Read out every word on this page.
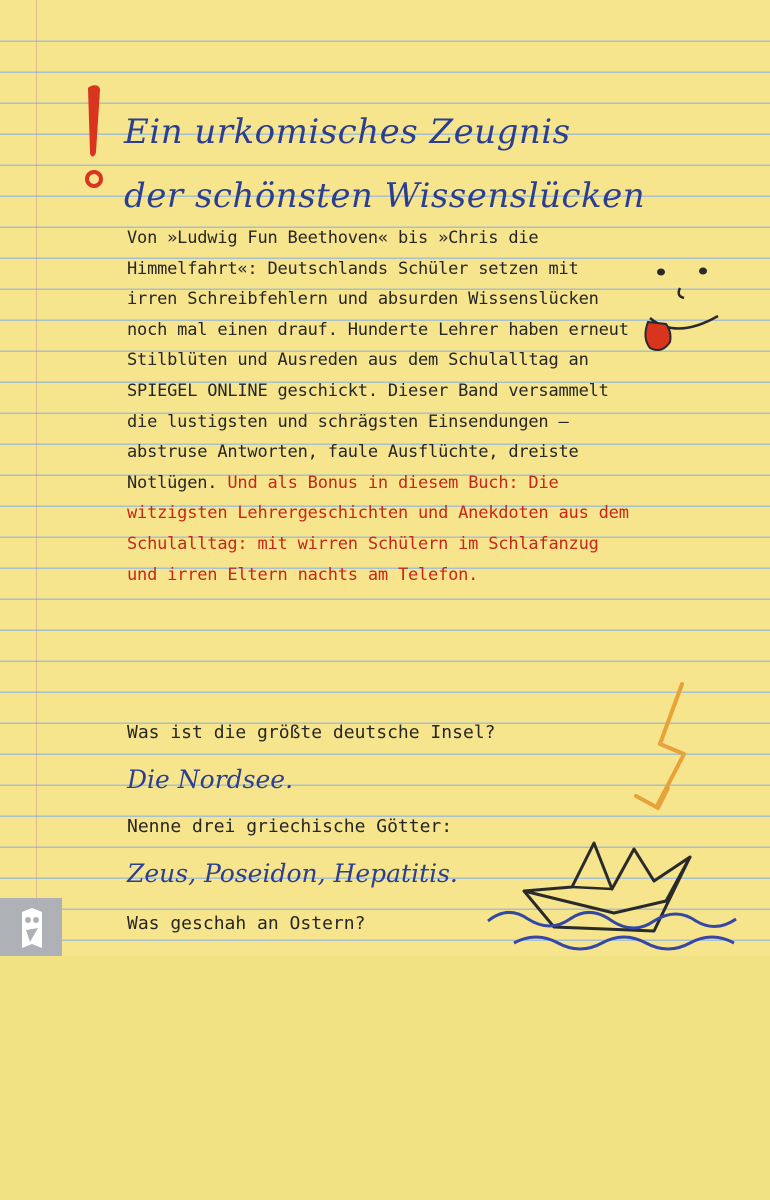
Ein urkomisches Zeugnis
der schönsten Wissenslücken

Von »Ludwig Fun Beethoven« bis »Chris die Himmelfahrt«: Deutschlands Schüler setzen mit irren Schreibfehlern und absurden Wissenslücken noch mal einen drauf. Hunderte Lehrer haben erneut Stilblüten und Ausreden aus dem Schulalltag an SPIEGEL ONLINE geschickt. Dieser Band versammelt die lustigsten und schrägsten Einsendungen – abstruse Antworten, faule Ausflüchte, dreiste Notlügen. Und als Bonus in diesem Buch: Die witzigsten Lehrergeschichten und Anekdoten aus dem Schulalltag: mit wirren Schülern im Schlafanzug und irren Eltern nachts am Telefon.

Was ist die größte deutsche Insel?
Die Nordsee.
Nenne drei griechische Götter:
Zeus, Poseidon, Hepatitis.
Was geschah an Ostern?
